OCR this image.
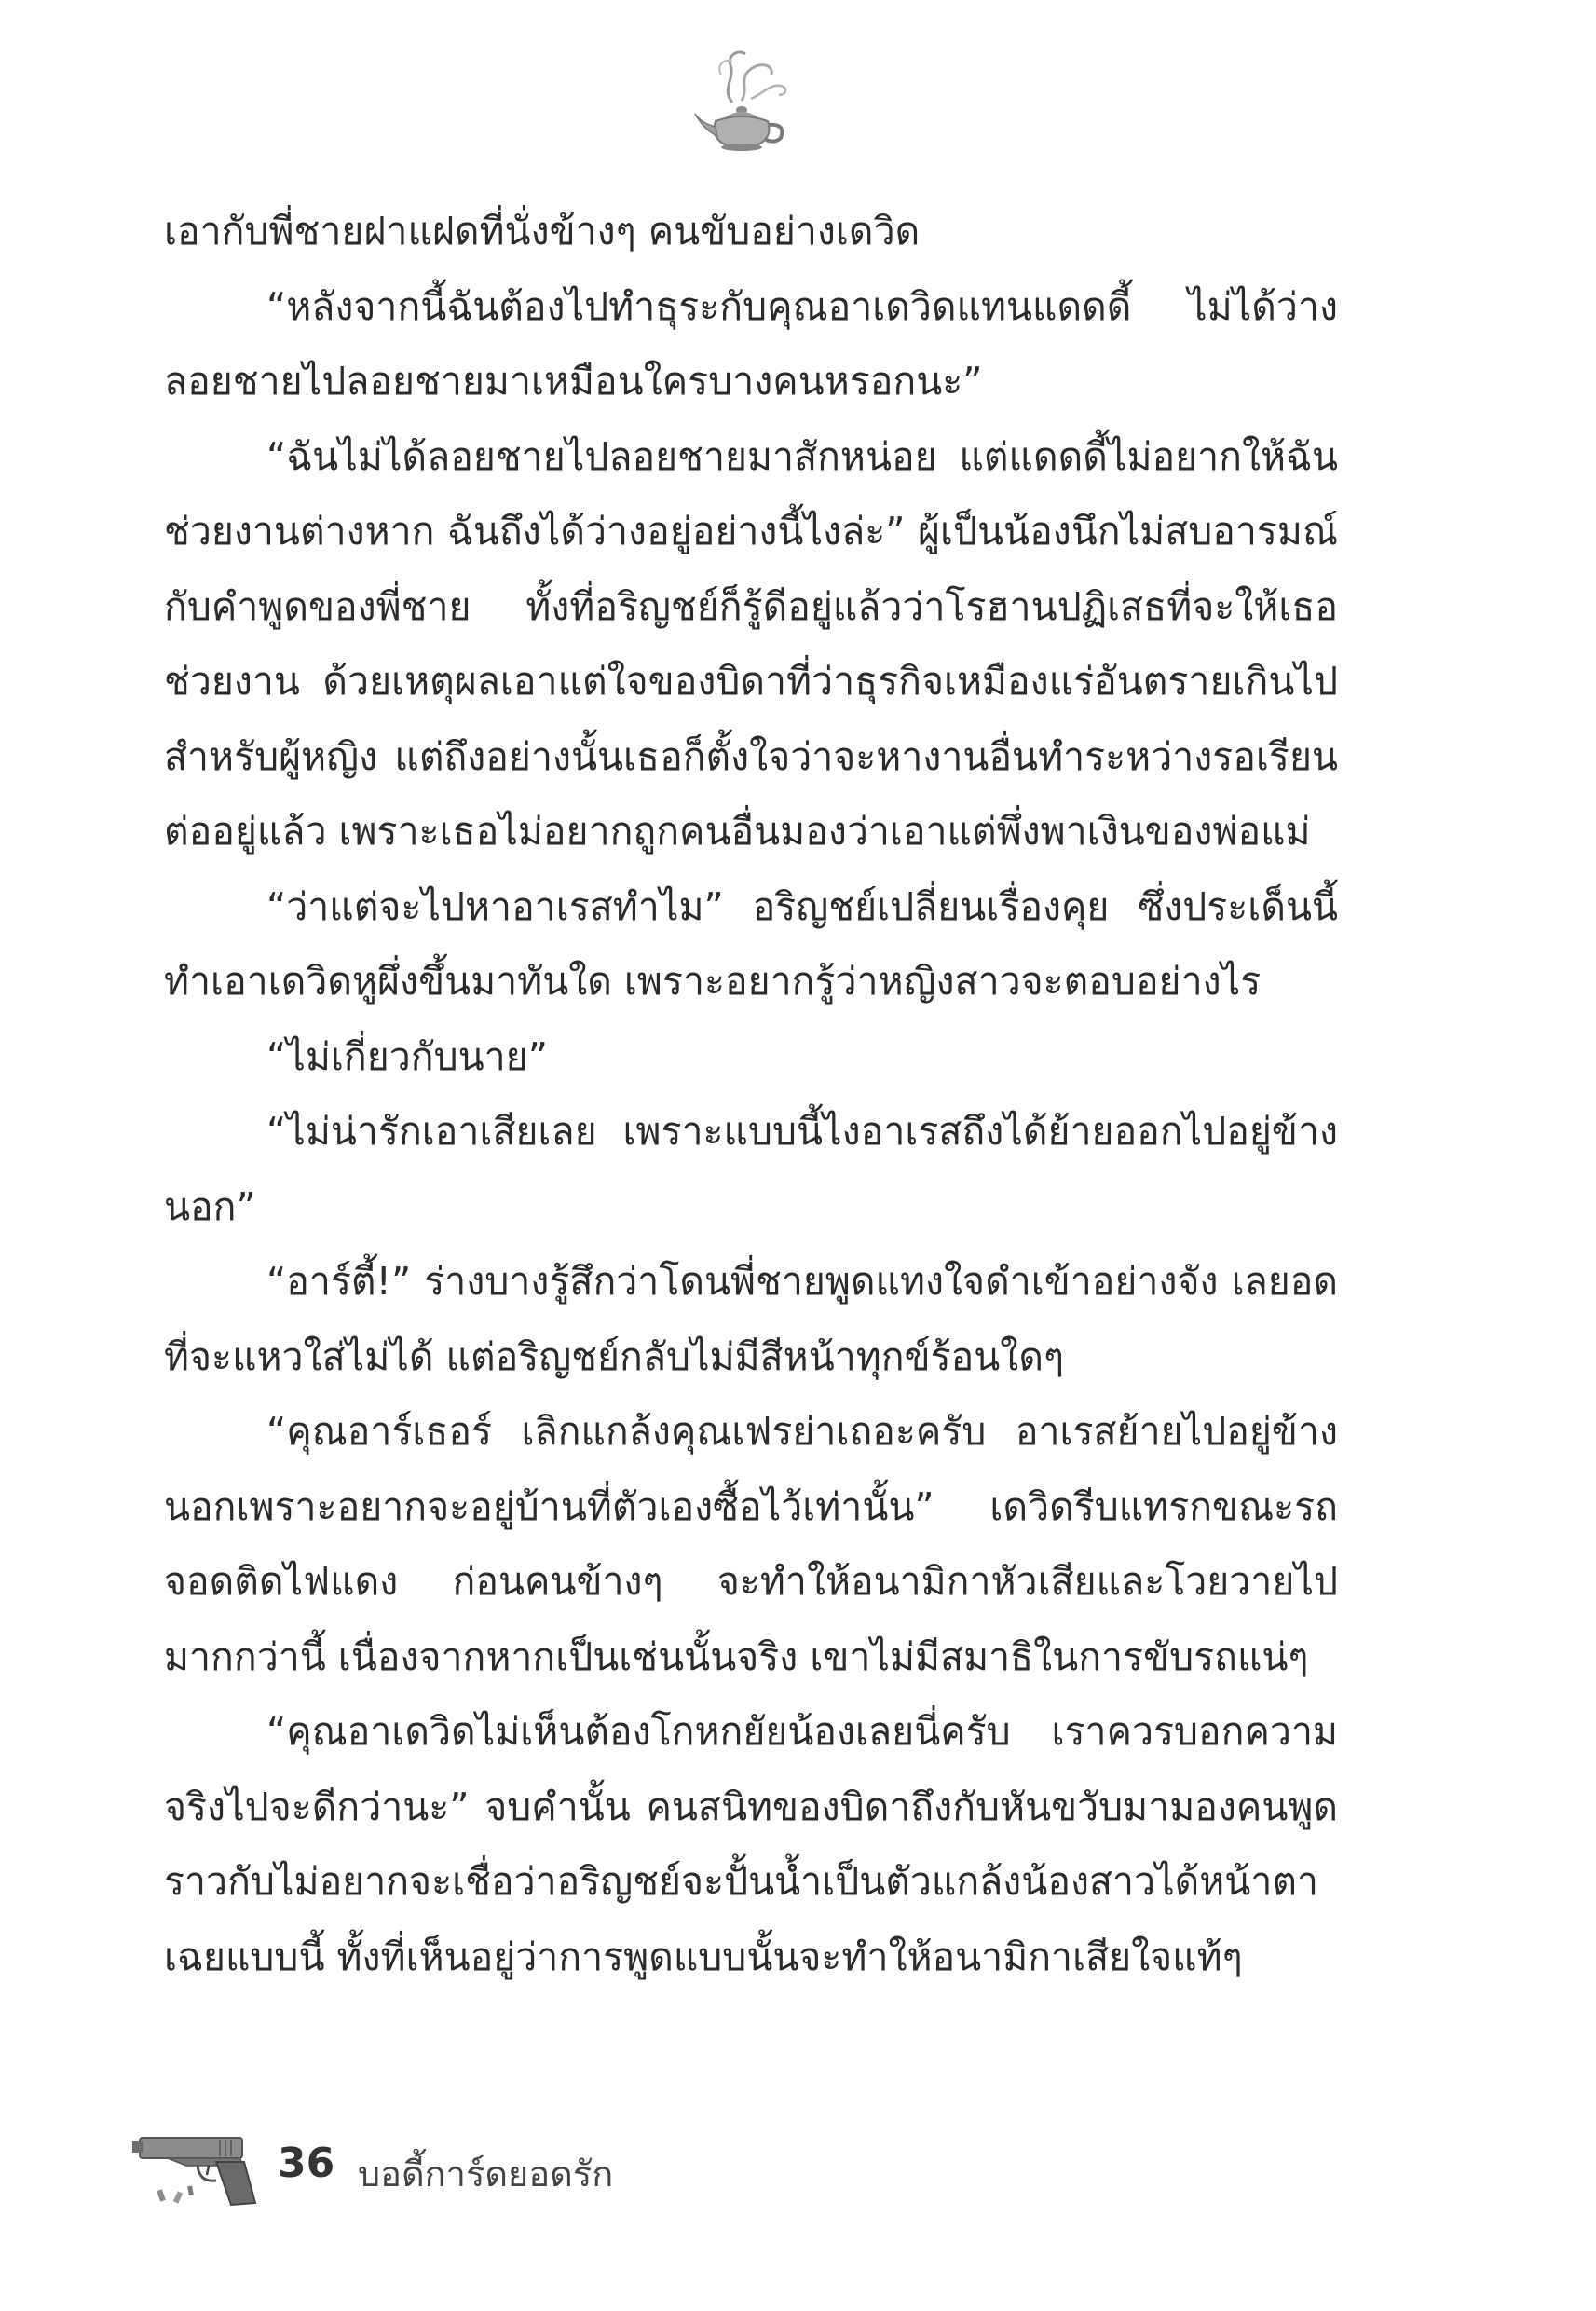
เอากับพี่ชายฝาแฝดที่นั่งข้างๆ คนขับอย่างเดวิด

“หลังจากนี้ฉันต้องไปทำธุระกับคุณอาเดวิดแทนแดดดี้ ไม่ได้ว่างลอยชายไปลอยชายมาเหมือนใครบางคนหรอกนะ”

“ฉันไม่ได้ลอยชายไปลอยชายมาสักหน่อย แต่แดดดี้ไม่อยากให้ฉันช่วยงานต่างหาก ฉันถึงได้ว่างอยู่อย่างนี้ไงล่ะ” ผู้เป็นน้องนึกไม่สบอารมณ์กับคำพูดของพี่ชาย ทั้งที่อริญชย์ก็รู้ดีอยู่แล้วว่าโรฮานปฏิเสธที่จะให้เธอช่วยงาน ด้วยเหตุผลเอาแต่ใจของบิดาที่ว่าธุรกิจเหมืองแร่อันตรายเกินไปสำหรับผู้หญิง แต่ถึงอย่างนั้นเธอก็ตั้งใจว่าจะหางานอื่นทำระหว่างรอเรียนต่ออยู่แล้ว เพราะเธอไม่อยากถูกคนอื่นมองว่าเอาแต่พึ่งพาเงินของพ่อแม่

“ว่าแต่จะไปหาอาเรสทำไม” อริญชย์เปลี่ยนเรื่องคุย ซึ่งประเด็นนี้ทำเอาเดวิดหูผึ่งขึ้นมาทันใด เพราะอยากรู้ว่าหญิงสาวจะตอบอย่างไร

“ไม่เกี่ยวกับนาย”

“ไม่น่ารักเอาเสียเลย เพราะแบบนี้ไงอาเรสถึงได้ย้ายออกไปอยู่ข้างนอก”

“อาร์ตี้!” ร่างบางรู้สึกว่าโดนพี่ชายพูดแทงใจดำเข้าอย่างจัง เลยอดที่จะแหวใส่ไม่ได้ แต่อริญชย์กลับไม่มีสีหน้าทุกข์ร้อนใดๆ

“คุณอาร์เธอร์ เลิกแกล้งคุณเฟรย่าเถอะครับ อาเรสย้ายไปอยู่ข้างนอกเพราะอยากจะอยู่บ้านที่ตัวเองซื้อไว้เท่านั้น” เดวิดรีบแทรกขณะรถจอดติดไฟแดง ก่อนคนข้างๆ จะทำให้อนามิกาหัวเสียและโวยวายไปมากกว่านี้ เนื่องจากหากเป็นเช่นนั้นจริง เขาไม่มีสมาธิในการขับรถแน่ๆ

“คุณอาเดวิดไม่เห็นต้องโกหกยัยน้องเลยนี่ครับ เราควรบอกความจริงไปจะดีกว่านะ” จบคำนั้น คนสนิทของบิดาถึงกับหันขวับมามองคนพูดราวกับไม่อยากจะเชื่อว่าอริญชย์จะปั้นน้ำเป็นตัวแกล้งน้องสาวได้หน้าตาเฉยแบบนี้ ทั้งที่เห็นอยู่ว่าการพูดแบบนั้นจะทำให้อนามิกาเสียใจแท้ๆ

36 บอดี้การ์ดยอดรัก
